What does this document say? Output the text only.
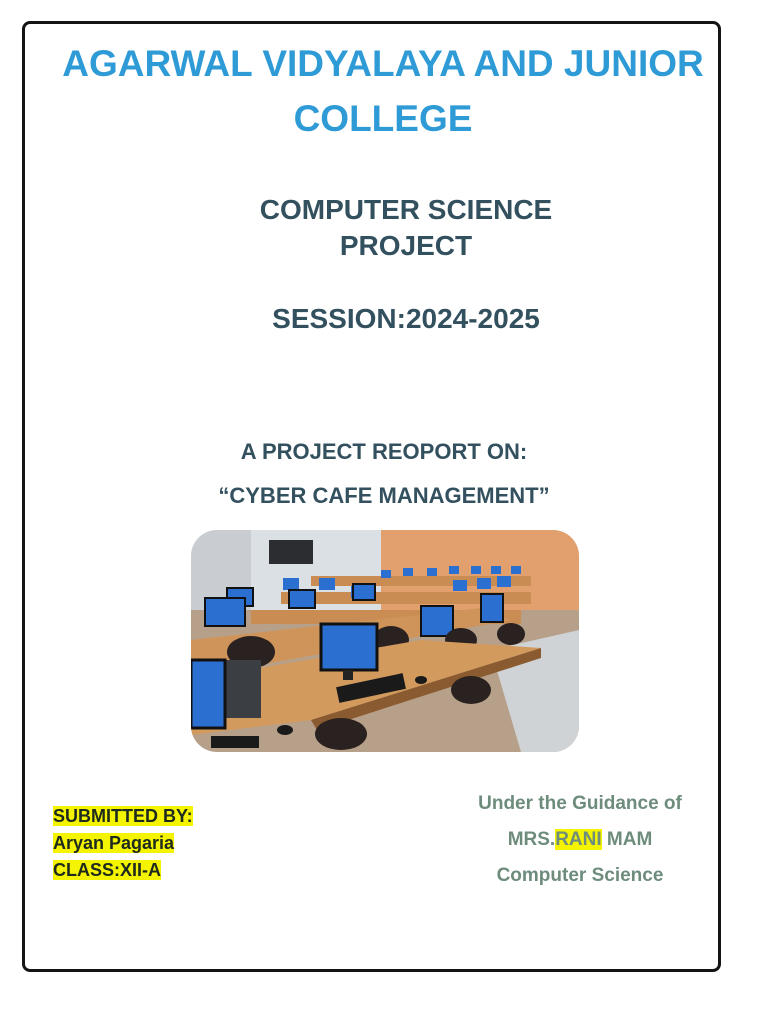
AGARWAL VIDYALAYA AND JUNIOR
COLLEGE
COMPUTER SCIENCE
PROJECT
SESSION:2024-2025
A PROJECT REOPORT ON:
“CYBER CAFE MANAGEMENT”
SUBMITTED BY:
Aryan Pagaria
CLASS:XII-A
Under the Guidance of
MRS.RANI MAM
Computer Science
